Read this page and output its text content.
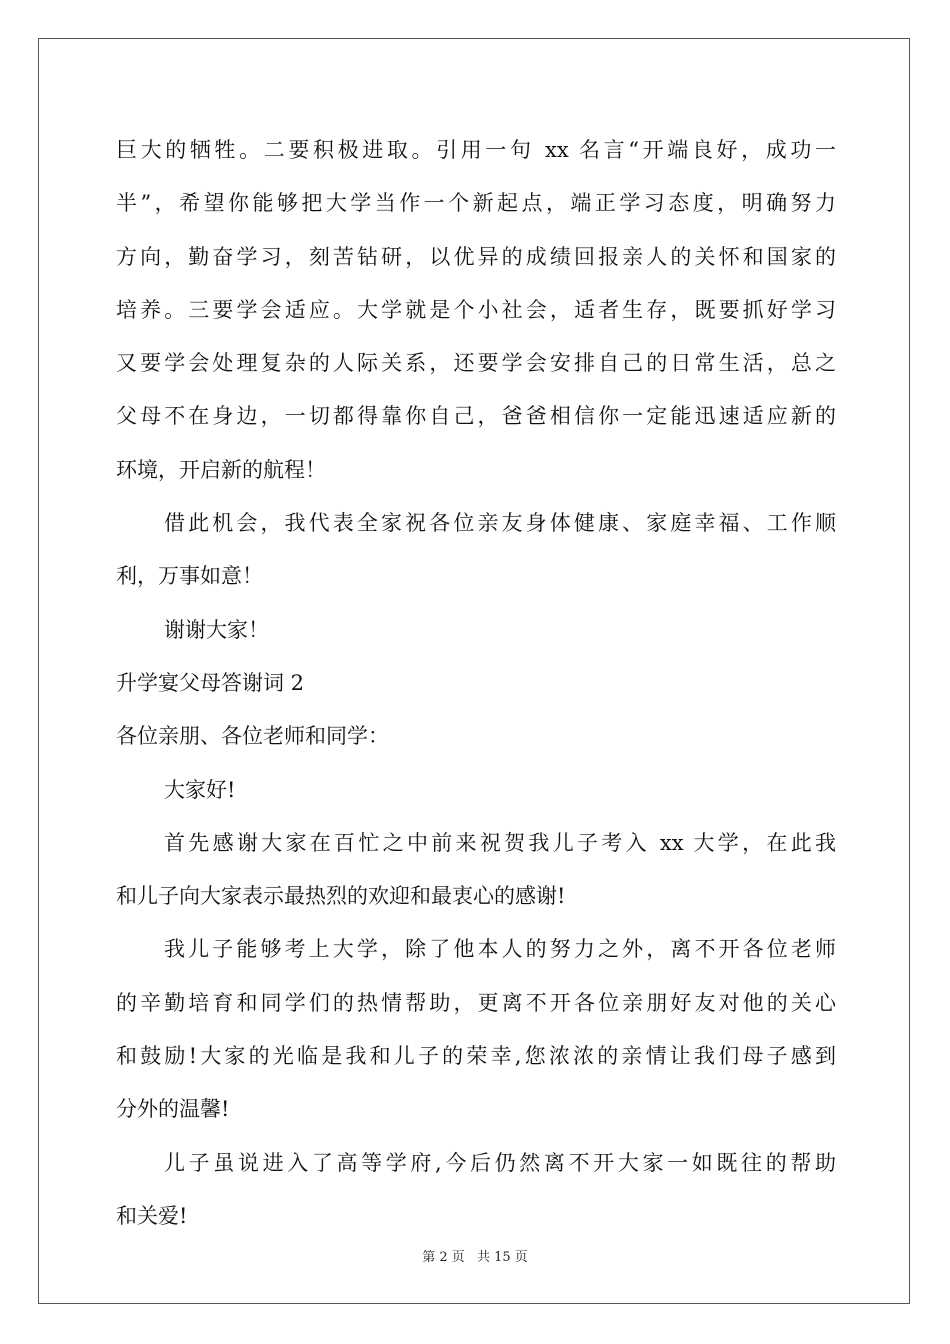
巨大的牺牲。二要积极进取。引用一句 xx 名言“开端良好，成功一
半”，希望你能够把大学当作一个新起点，端正学习态度，明确努力
方向，勤奋学习，刻苦钻研，以优异的成绩回报亲人的关怀和国家的
培养。三要学会适应。大学就是个小社会，适者生存，既要抓好学习
又要学会处理复杂的人际关系，还要学会安排自己的日常生活，总之
父母不在身边，一切都得靠你自己，爸爸相信你一定能迅速适应新的
环境，开启新的航程！
借此机会，我代表全家祝各位亲友身体健康、家庭幸福、工作顺
利，万事如意！
谢谢大家！
升学宴父母答谢词 2
各位亲朋、各位老师和同学：
大家好!
首先感谢大家在百忙之中前来祝贺我儿子考入 xx 大学，在此我
和儿子向大家表示最热烈的欢迎和最衷心的感谢!
我儿子能够考上大学，除了他本人的努力之外，离不开各位老师
的辛勤培育和同学们的热情帮助，更离不开各位亲朋好友对他的关心
和鼓励!大家的光临是我和儿子的荣幸,您浓浓的亲情让我们母子感到
分外的温馨!
儿子虽说进入了高等学府,今后仍然离不开大家一如既往的帮助
和关爱!
第 2 页 共 15 页
